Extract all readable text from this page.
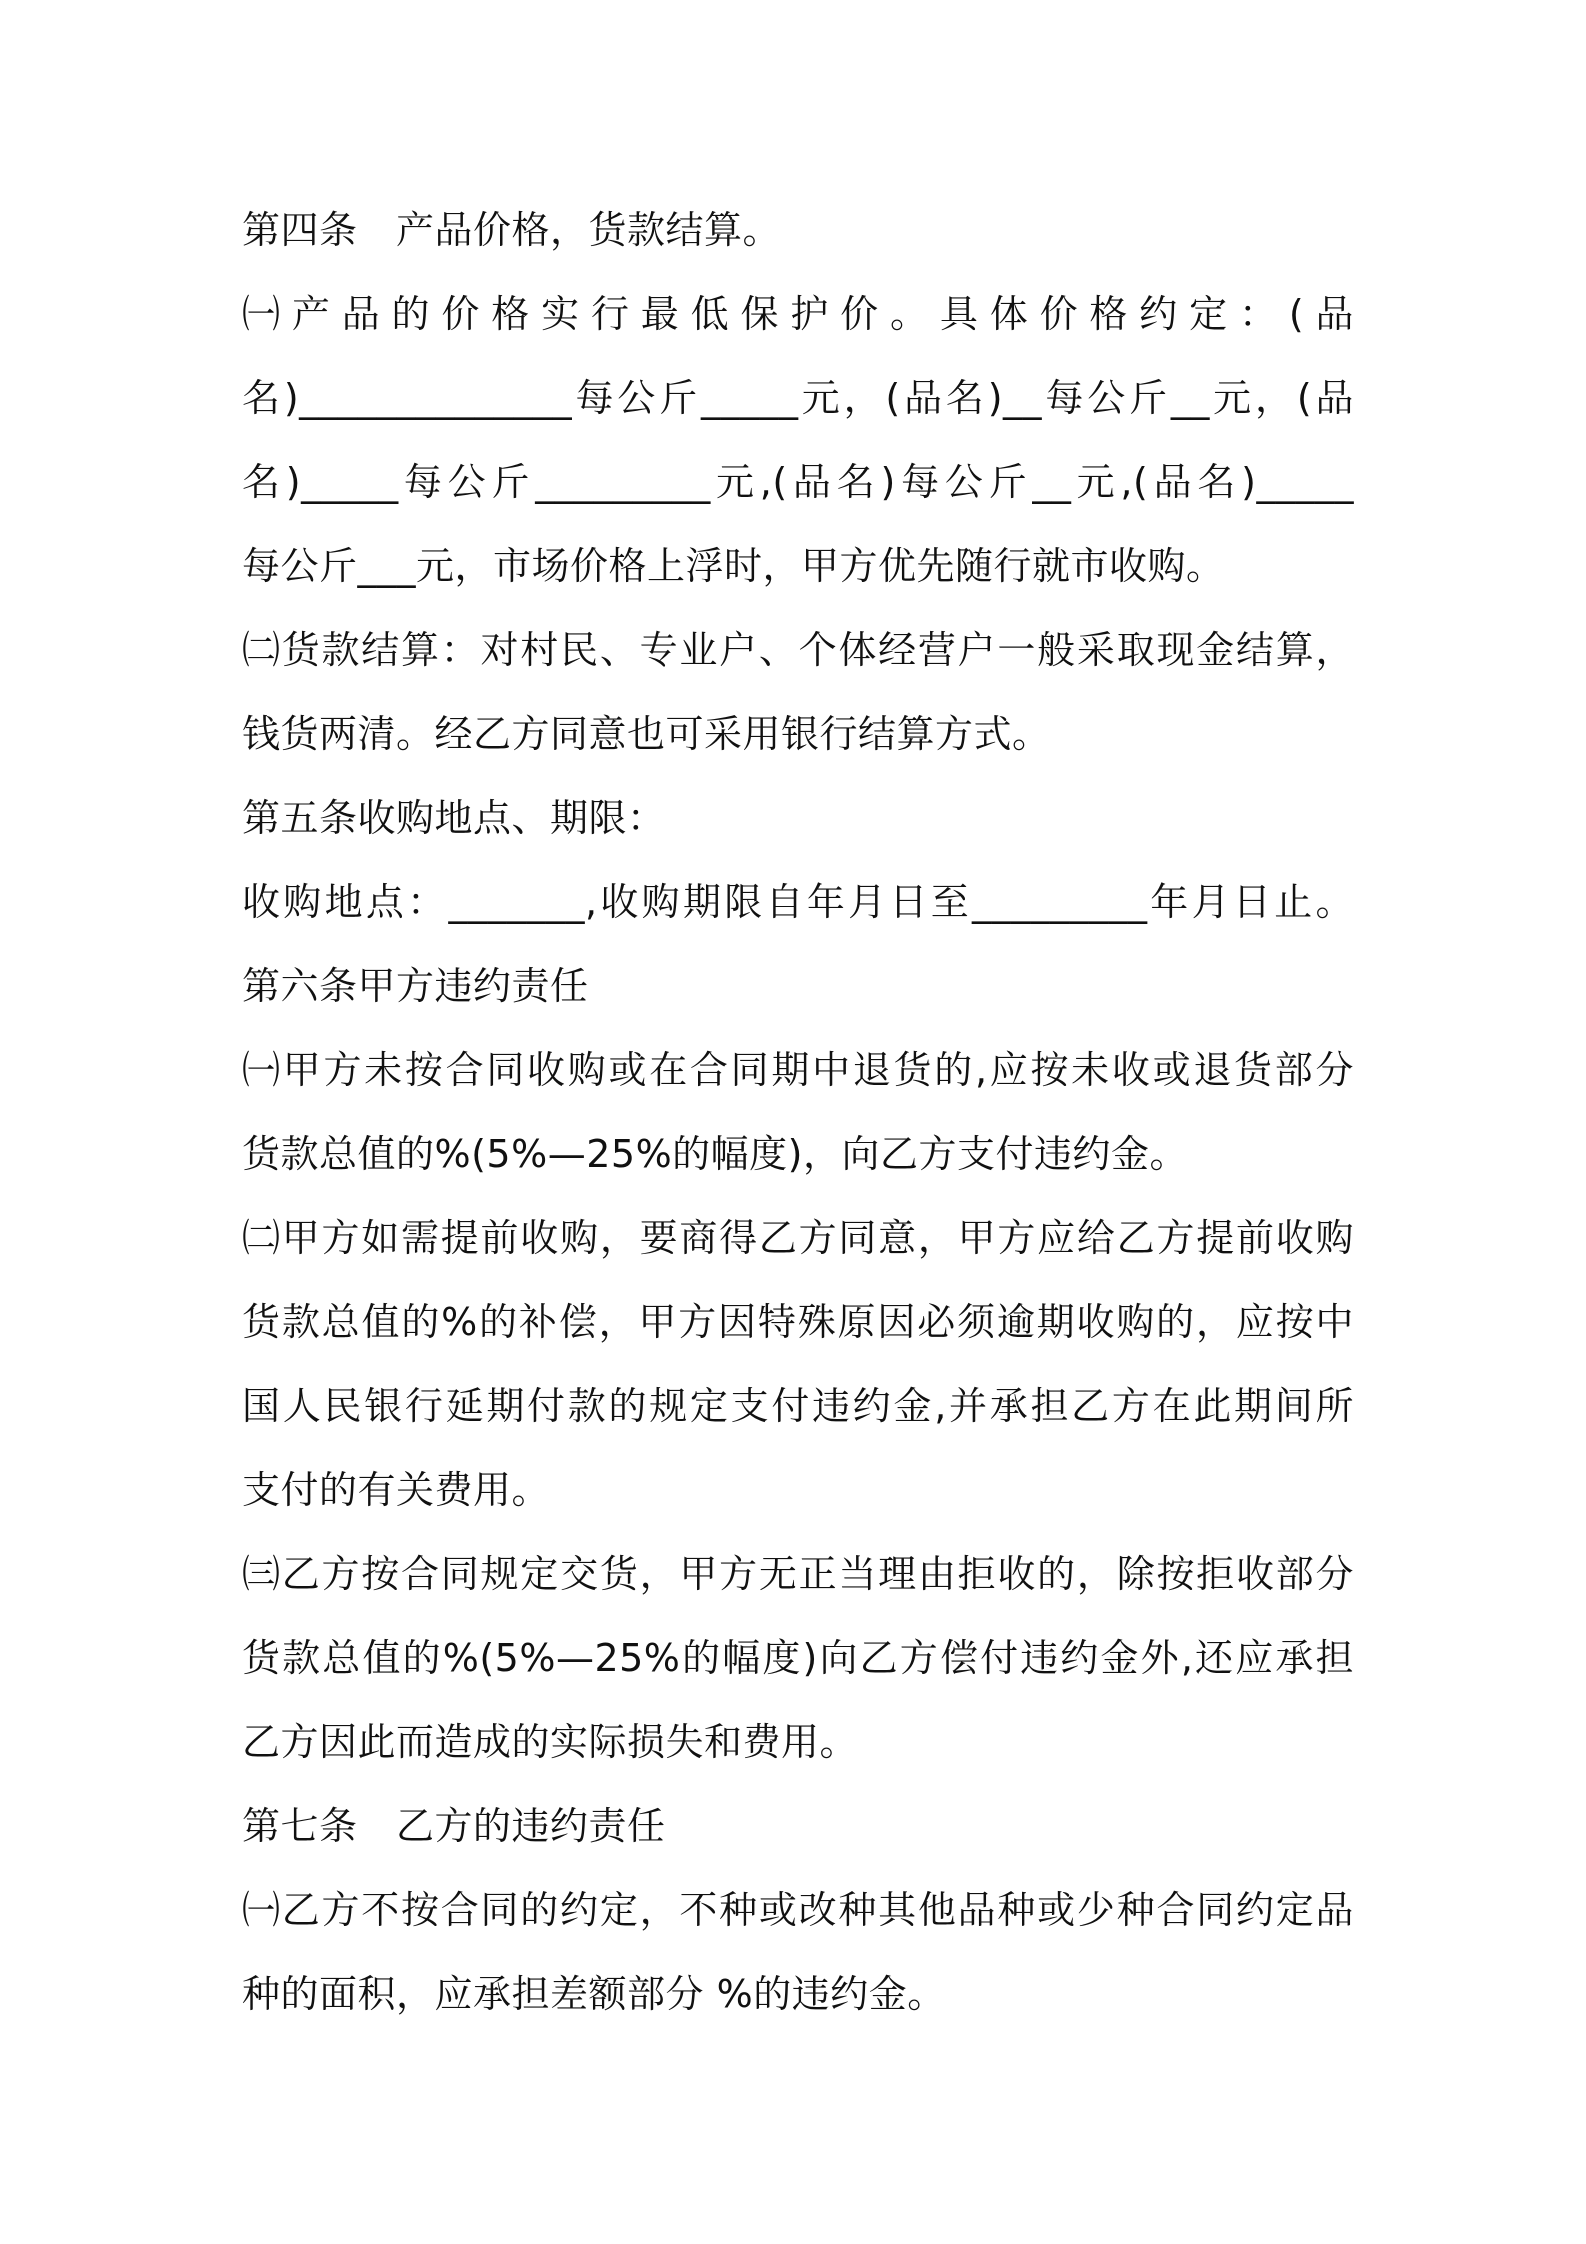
第四条　产品价格，货款结算。
㈠产品的价格实行最低保护价。具体价格约定：(品
名)______________每公斤_____元，(品名)__每公斤__元，(品
名)_____每公斤_________元,(品名)每公斤__元,(品名)_____
每公斤___元，市场价格上浮时，甲方优先随行就市收购。
㈡货款结算：对村民、专业户、个体经营户一般采取现金结算，
钱货两清。经乙方同意也可采用银行结算方式。
第五条收购地点、期限：
收购地点：_______,收购期限自年月日至_________年月日止。
第六条甲方违约责任
㈠甲方未按合同收购或在合同期中退货的,应按未收或退货部分
货款总值的%(5%—25%的幅度)，向乙方支付违约金。
㈡甲方如需提前收购，要商得乙方同意，甲方应给乙方提前收购
货款总值的%的补偿，甲方因特殊原因必须逾期收购的，应按中
国人民银行延期付款的规定支付违约金,并承担乙方在此期间所
支付的有关费用。
㈢乙方按合同规定交货，甲方无正当理由拒收的，除按拒收部分
货款总值的%(5%—25%的幅度)向乙方偿付违约金外,还应承担
乙方因此而造成的实际损失和费用。
第七条　乙方的违约责任
㈠乙方不按合同的约定，不种或改种其他品种或少种合同约定品
种的面积，应承担差额部分 %的违约金。
